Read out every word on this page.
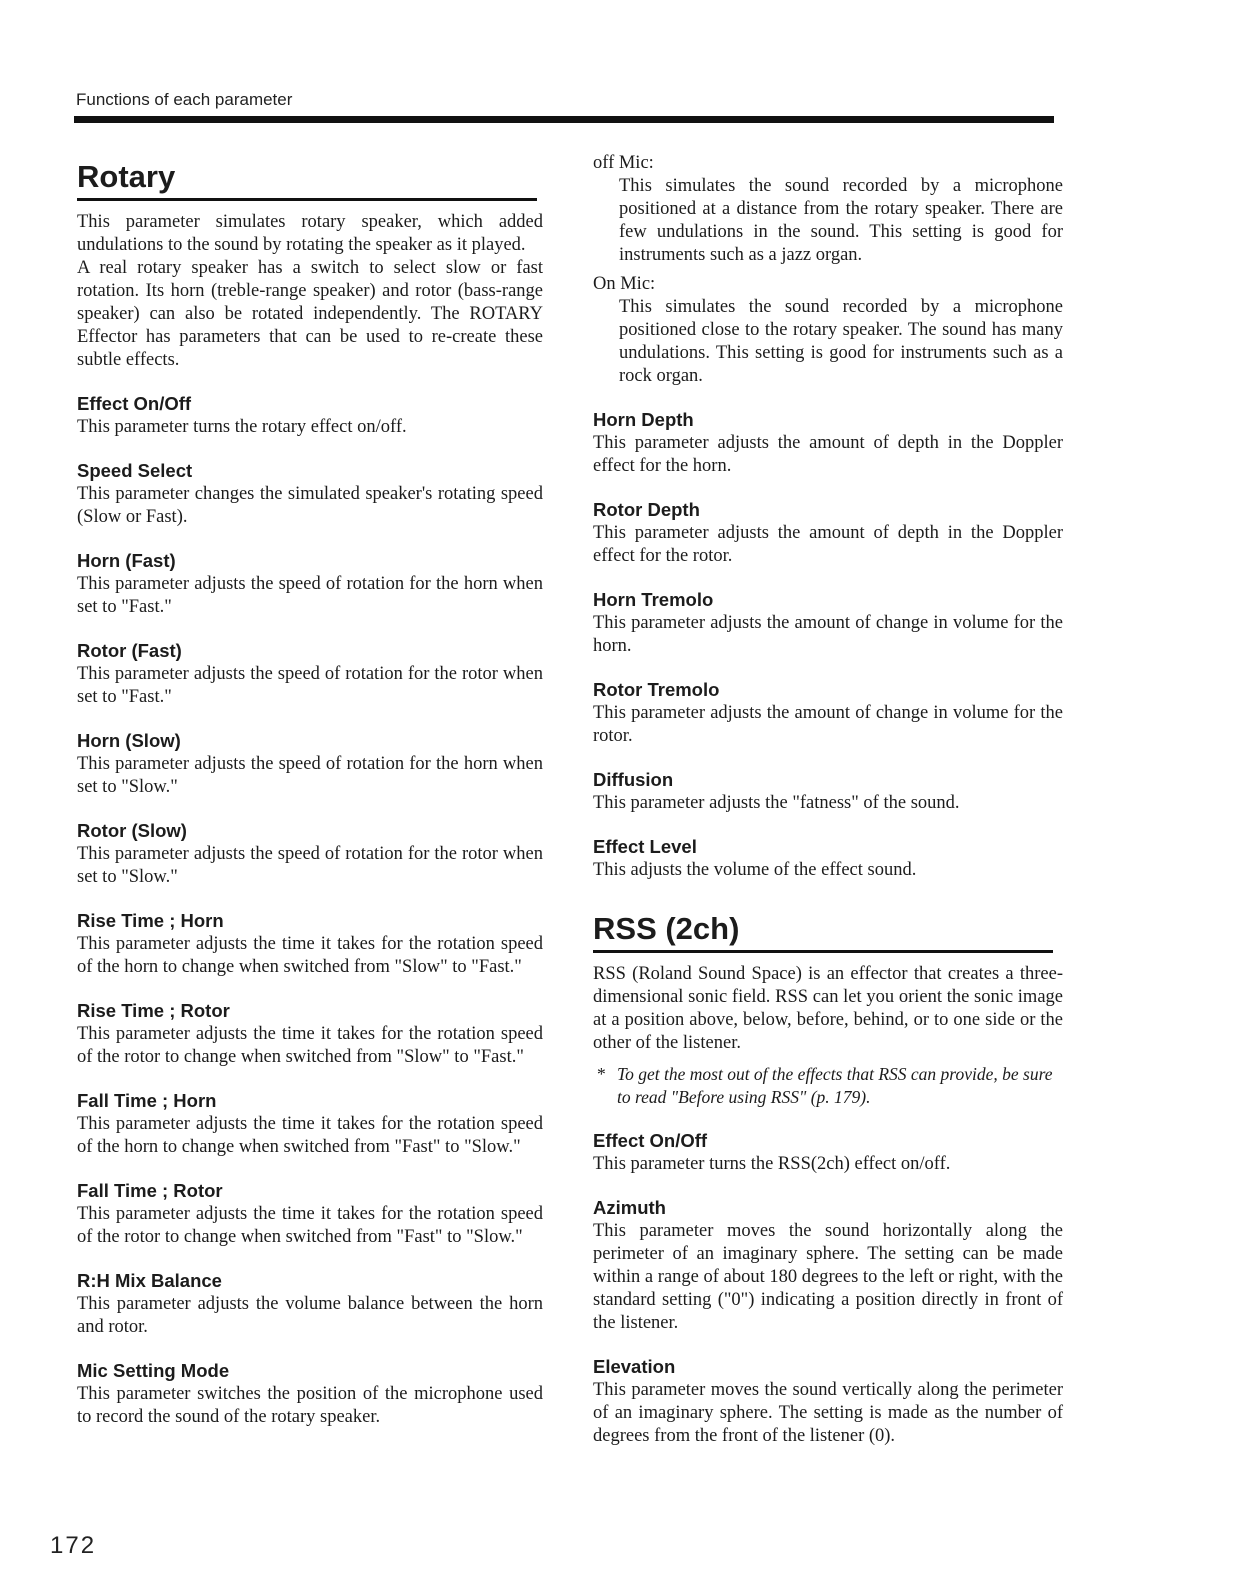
Functions of each parameter
Rotary

This parameter simulates rotary speaker, which added undulations to the sound by rotating the speaker as it played.

A real rotary speaker has a switch to select slow or fast rotation. Its horn (treble-range speaker) and rotor (bass-range speaker) can also be rotated independently. The ROTARY Effector has parameters that can be used to re-create these subtle effects.

Effect On/Off

This parameter turns the rotary effect on/off.

Speed Select

This parameter changes the simulated speaker's rotating speed (Slow or Fast).

Horn (Fast)

This parameter adjusts the speed of rotation for the horn when set to "Fast."

Rotor (Fast)

This parameter adjusts the speed of rotation for the rotor when set to "Fast."

Horn (Slow)

This parameter adjusts the speed of rotation for the horn when set to "Slow."

Rotor (Slow)

This parameter adjusts the speed of rotation for the rotor when set to "Slow."

Rise Time ; Horn

This parameter adjusts the time it takes for the rotation speed of the horn to change when switched from "Slow" to "Fast."

Rise Time ; Rotor

This parameter adjusts the time it takes for the rotation speed of the rotor to change when switched from "Slow" to "Fast."

Fall Time ; Horn

This parameter adjusts the time it takes for the rotation speed of the horn to change when switched from "Fast" to "Slow."

Fall Time ; Rotor

This parameter adjusts the time it takes for the rotation speed of the rotor to change when switched from "Fast" to "Slow."

R:H Mix Balance

This parameter adjusts the volume balance between the horn and rotor.

Mic Setting Mode

This parameter switches the position of the microphone used to record the sound of the rotary speaker.

off Mic:

This simulates the sound recorded by a microphone positioned at a distance from the rotary speaker. There are few undulations in the sound. This setting is good for instruments such as a jazz organ.

On Mic:

This simulates the sound recorded by a microphone positioned close to the rotary speaker. The sound has many undulations. This setting is good for instruments such as a rock organ.

Horn Depth

This parameter adjusts the amount of depth in the Doppler effect for the horn.

Rotor Depth

This parameter adjusts the amount of depth in the Doppler effect for the rotor.

Horn Tremolo

This parameter adjusts the amount of change in volume for the horn.

Rotor Tremolo

This parameter adjusts the amount of change in volume for the rotor.

Diffusion

This parameter adjusts the "fatness" of the sound.

Effect Level

This adjusts the volume of the effect sound.

RSS (2ch)

RSS (Roland Sound Space) is an effector that creates a three-dimensional sonic field. RSS can let you orient the sonic image at a position above, below, before, behind, or to one side or the other of the listener.

* To get the most out of the effects that RSS can provide, be sure to read "Before using RSS" (p. 179).

Effect On/Off

This parameter turns the RSS(2ch) effect on/off.

Azimuth

This parameter moves the sound horizontally along the perimeter of an imaginary sphere. The setting can be made within a range of about 180 degrees to the left or right, with the standard setting ("0") indicating a position directly in front of the listener.

Elevation

This parameter moves the sound vertically along the perimeter of an imaginary sphere. The setting is made as the number of degrees from the front of the listener (0).

172
